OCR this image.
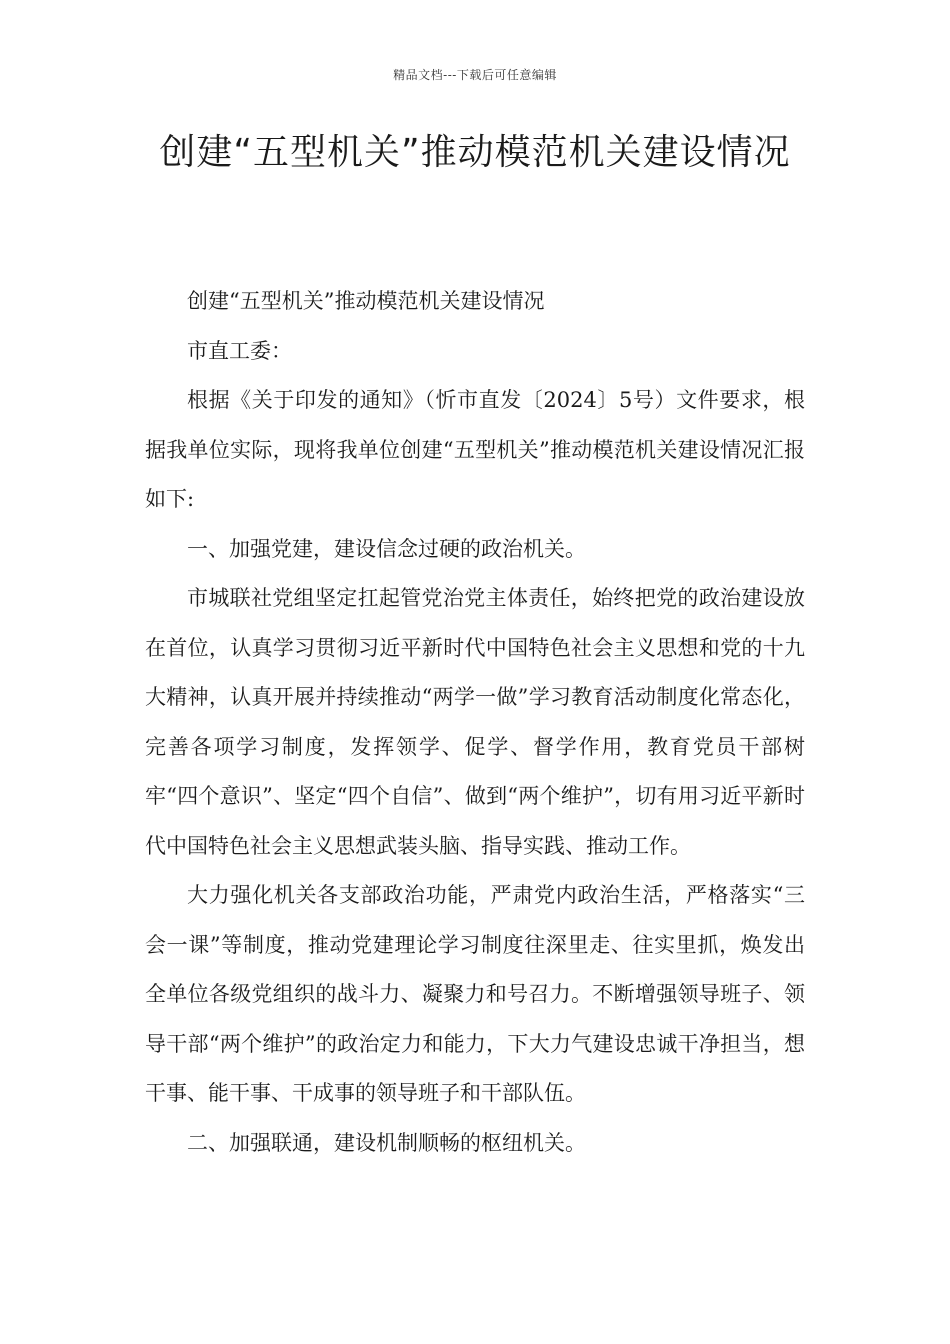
精品文档---下载后可任意编辑
创建“五型机关”推动模范机关建设情况

创建“五型机关”推动模范机关建设情况

市直工委：

根据《关于印发的通知》（忻市直发〔2024〕5号）文件要求，根据我单位实际，现将我单位创建“五型机关”推动模范机关建设情况汇报如下:

一、加强党建，建设信念过硬的政治机关。

市城联社党组坚定扛起管党治党主体责任，始终把党的政治建设放在首位，认真学习贯彻习近平新时代中国特色社会主义思想和党的十九大精神，认真开展并持续推动“两学一做”学习教育活动制度化常态化，完善各项学习制度，发挥领学、促学、督学作用，教育党员干部树牢“四个意识”、坚定“四个自信”、做到“两个维护”，切有用习近平新时代中国特色社会主义思想武装头脑、指导实践、推动工作。

大力强化机关各支部政治功能，严肃党内政治生活，严格落实“三会一课”等制度，推动党建理论学习制度往深里走、往实里抓，焕发出全单位各级党组织的战斗力、凝聚力和号召力。不断增强领导班子、领导干部“两个维护”的政治定力和能力，下大力气建设忠诚干净担当，想干事、能干事、干成事的领导班子和干部队伍。

二、加强联通，建设机制顺畅的枢纽机关。
